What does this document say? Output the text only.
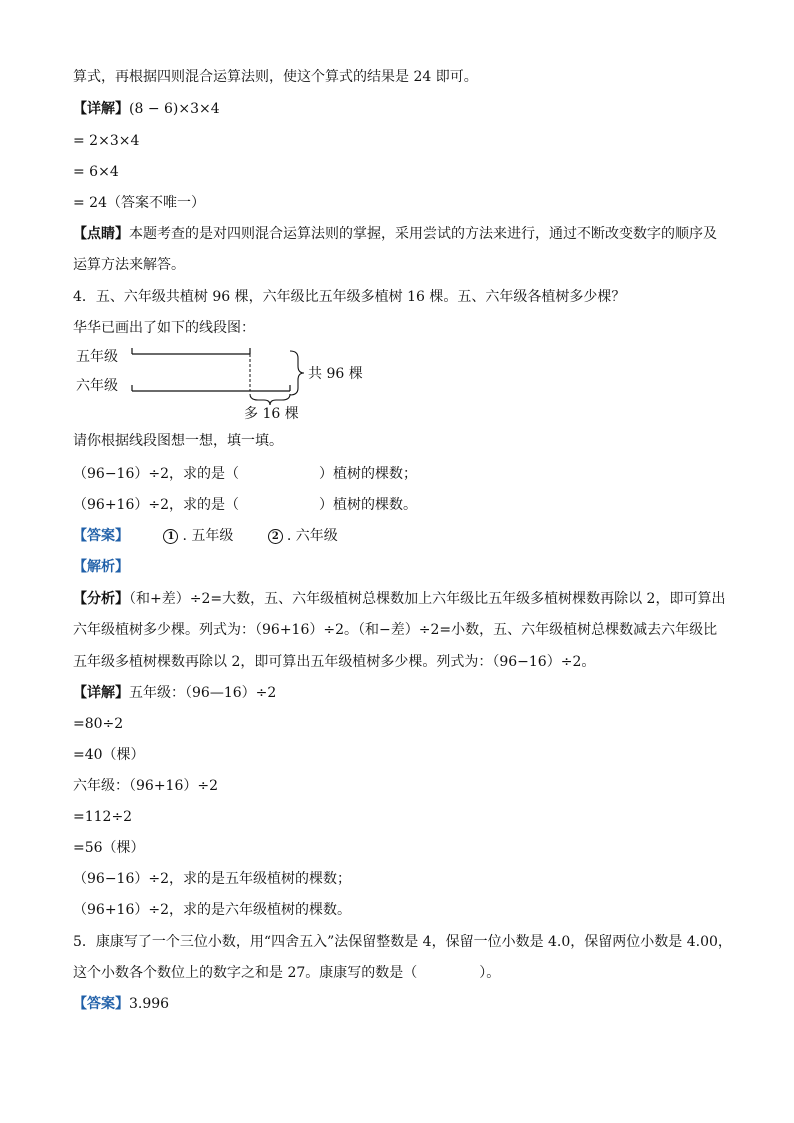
算式，再根据四则混合运算法则，使这个算式的结果是 24 即可。
【详解】(8 − 6)×3×4
= 2×3×4
= 6×4
= 24（答案不唯一）
【点睛】本题考查的是对四则混合运算法则的掌握，采用尝试的方法来进行，通过不断改变数字的顺序及
运算方法来解答。
4．五、六年级共植树 96 棵，六年级比五年级多植树 16 棵。五、六年级各植树多少棵？
华华已画出了如下的线段图：
五年级
六年级
多 16 棵
共 96 棵
请你根据线段图想一想，填一填。
（96−16）÷2，求的是（	）植树的棵数；
（96+16）÷2，求的是（	）植树的棵数。
【答案】	1 . 五年级	2 . 六年级
【解析】
【分析】（和+差）÷2=大数，五、六年级植树总棵数加上六年级比五年级多植树棵数再除以 2，即可算出
六年级植树多少棵。列式为：（96+16）÷2。（和−差）÷2=小数，五、六年级植树总棵数减去六年级比
五年级多植树棵数再除以 2，即可算出五年级植树多少棵。列式为：（96−16）÷2。
【详解】五年级：（96—16）÷2
=80÷2
=40（棵）
六年级：（96+16）÷2
=112÷2
=56（棵）
（96−16）÷2，求的是五年级植树的棵数；
（96+16）÷2，求的是六年级植树的棵数。
5．康康写了一个三位小数，用“四舍五入”法保留整数是 4，保留一位小数是 4.0，保留两位小数是 4.00，
这个小数各个数位上的数字之和是 27。康康写的数是（	）。
【答案】3.996
